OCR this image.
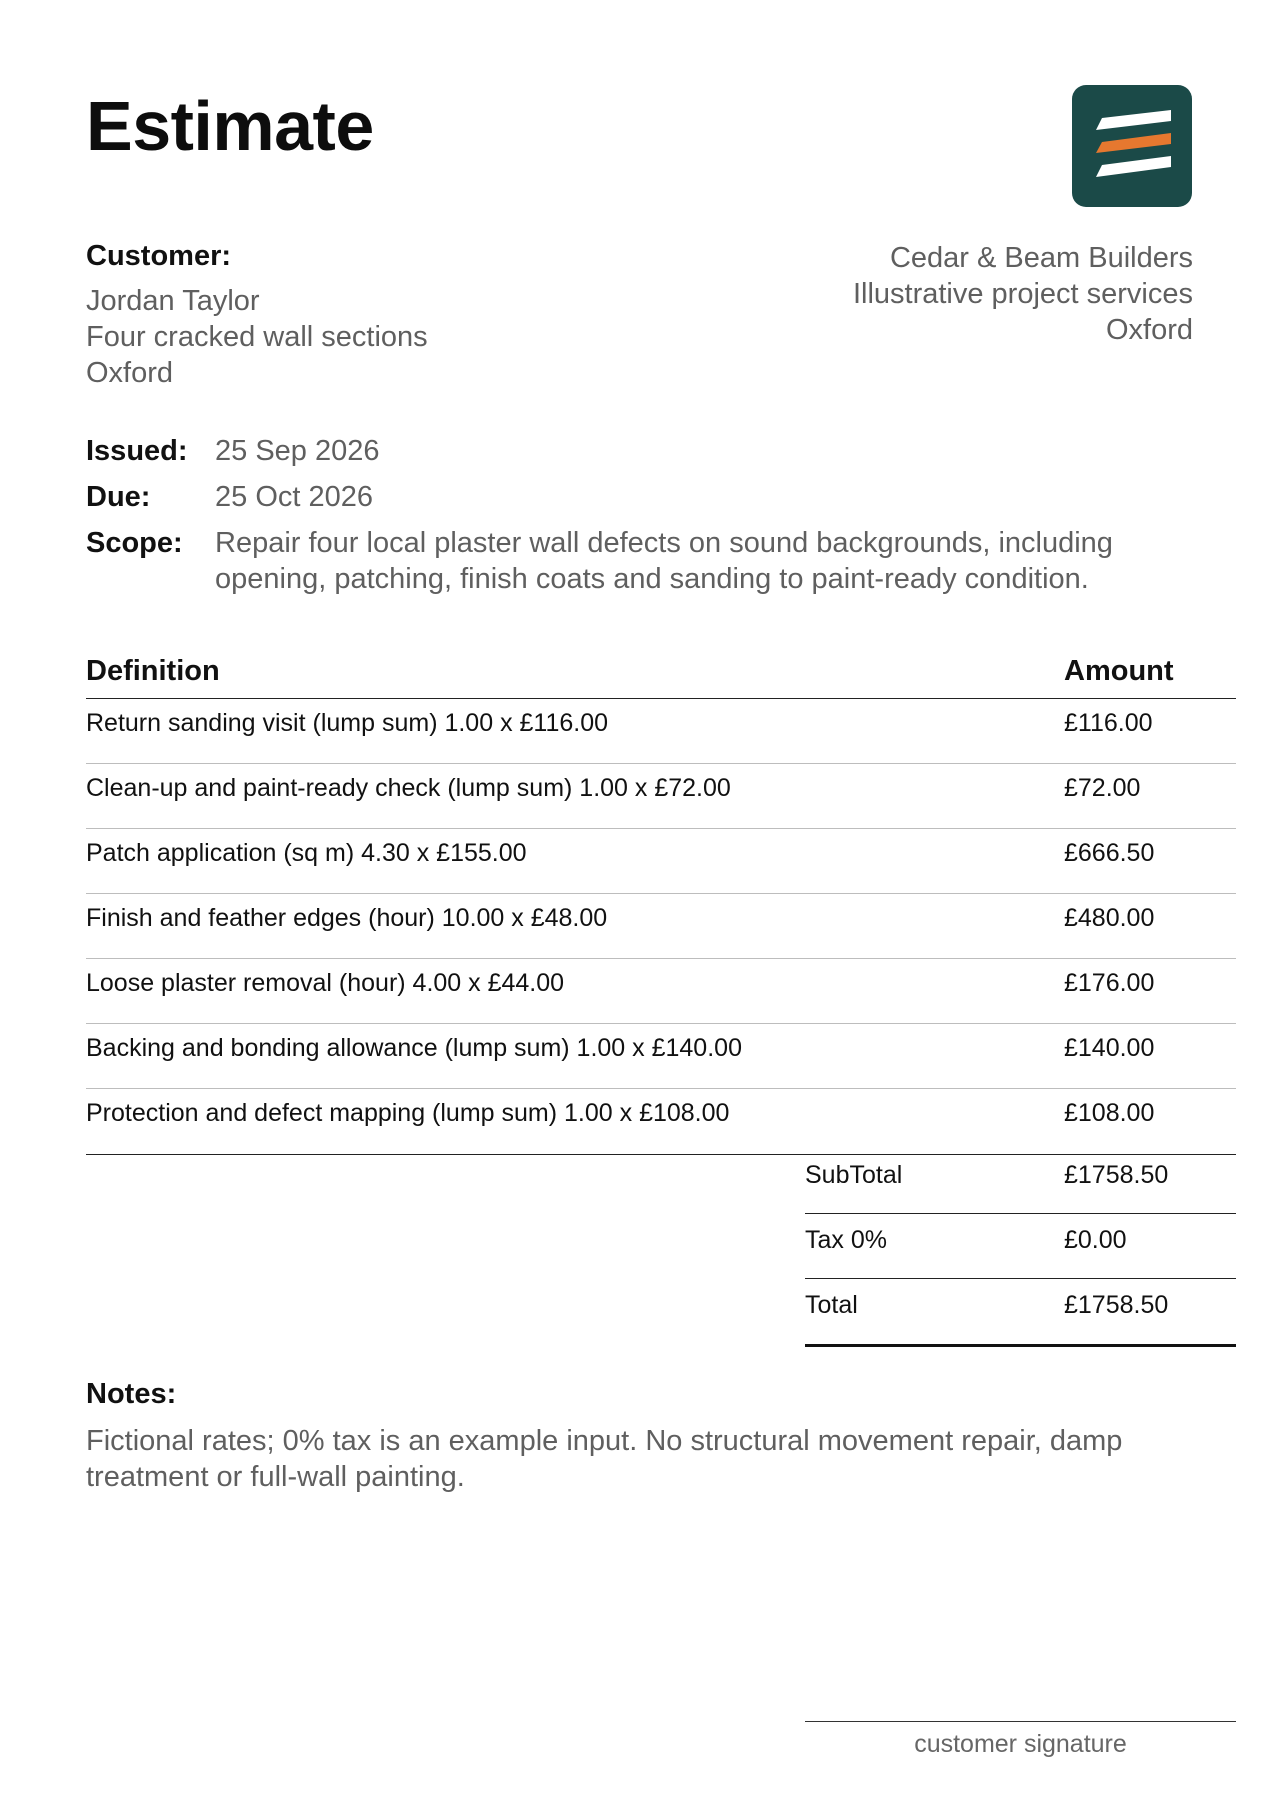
Estimate
Customer:
Jordan Taylor
Four cracked wall sections
Oxford
Cedar & Beam Builders
Illustrative project services
Oxford
Issued: 25 Sep 2026
Due:	25 Oct 2026
Scope:	Repair four local plaster wall defects on sound backgrounds, including opening, patching, finish coats and sanding to paint-ready condition.
Definition	Amount
Return sanding visit (lump sum) 1.00 x £116.00	£116.00
Clean-up and paint-ready check (lump sum) 1.00 x £72.00	£72.00
Patch application (sq m) 4.30 x £155.00	£666.50
Finish and feather edges (hour) 10.00 x £48.00	£480.00
Loose plaster removal (hour) 4.00 x £44.00	£176.00
Backing and bonding allowance (lump sum) 1.00 x £140.00	£140.00
Protection and defect mapping (lump sum) 1.00 x £108.00	£108.00
SubTotal	£1758.50
Tax 0%	£0.00
Total	£1758.50
Notes:
Fictional rates; 0% tax is an example input. No structural movement repair, damp treatment or full-wall painting.
customer signature
